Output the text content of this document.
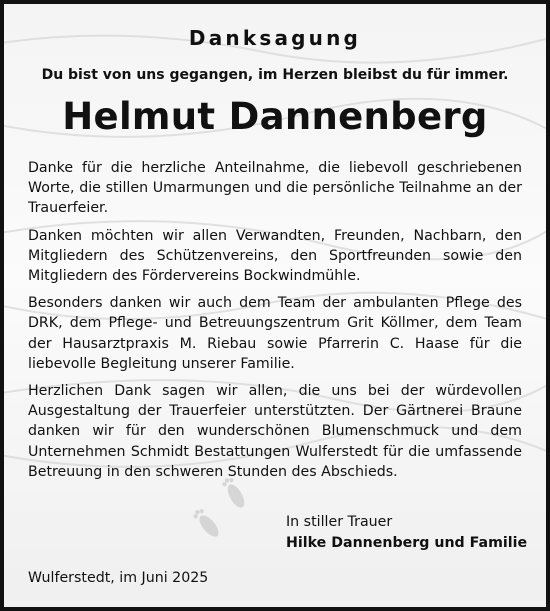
Danksagung
Du bist von uns gegangen, im Herzen bleibst du für immer.
Helmut Dannenberg

Danke für die herzliche Anteilnahme, die liebevoll geschriebenen Worte, die stillen Umarmungen und die persönliche Teilnahme an der Trauerfeier.

Danken möchten wir allen Verwandten, Freunden, Nachbarn, den Mitgliedern des Schützenvereins, den Sportfreunden sowie den Mitgliedern des Fördervereins Bockwindmühle.

Besonders danken wir auch dem Team der ambulanten Pflege des DRK, dem Pflege- und Betreuungszentrum Grit Köllmer, dem Team der Hausarztpraxis M. Riebau sowie Pfarrerin C. Haase für die liebevolle Begleitung unserer Familie.

Herzlichen Dank sagen wir allen, die uns bei der würdevollen Ausgestaltung der Trauerfeier unterstützten. Der Gärtnerei Braune danken wir für den wunderschönen Blumenschmuck und dem Unternehmen Schmidt Bestattungen Wulferstedt für die umfassende Betreuung in den schweren Stunden des Abschieds.

In stiller Trauer
Hilke Dannenberg und Familie
Wulferstedt, im Juni 2025
